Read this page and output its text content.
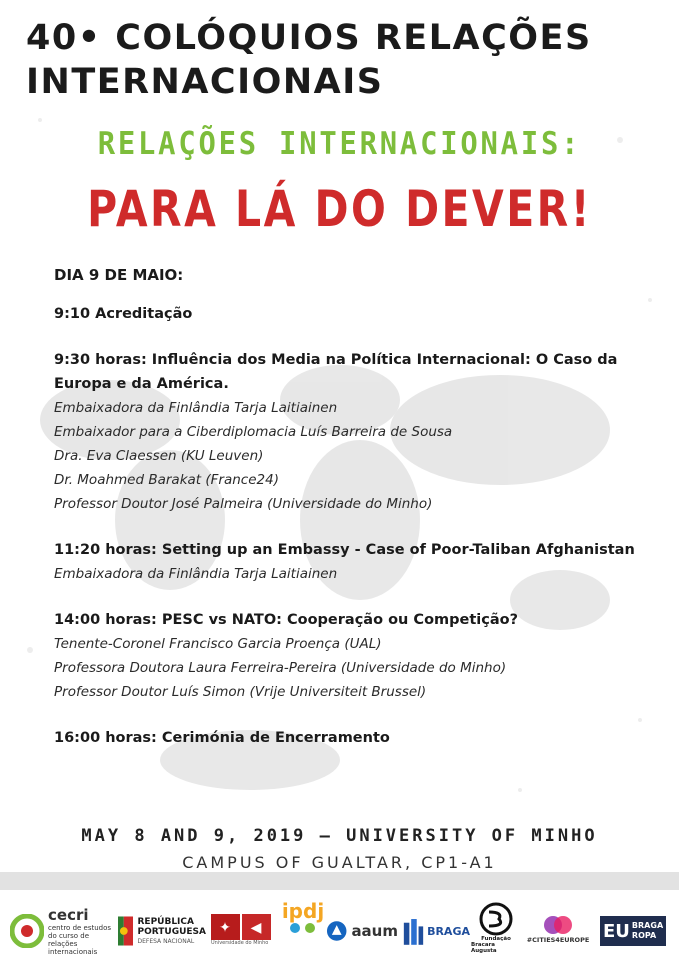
40• COLÓQUIOS RELAÇÕES
INTERNACIONAIS
RELAÇÕES INTERNACIONAIS:
PARA LÁ DO DEVER!
DIA 9 DE MAIO:
9:10 Acreditação
9:30 horas: Influência dos Media na Política Internacional: O Caso da Europa e da América.
Embaixadora da Finlândia Tarja Laitiainen
Embaixador para a Ciberdiplomacia Luís Barreira de Sousa
Dra. Eva Claessen (KU Leuven)
Dr. Moahmed Barakat (France24)
Professor Doutor José Palmeira (Universidade do Minho)
11:20 horas: Setting up an Embassy - Case of Poor-Taliban Afghanistan
Embaixadora da Finlândia Tarja Laitiainen
14:00 horas: PESC vs NATO: Cooperação ou Competição?
Tenente-Coronel Francisco Garcia Proença (UAL)
Professora Doutora Laura Ferreira-Pereira (Universidade do Minho)
Professor Doutor Luís Simon (Vrije Universiteit Brussel)
16:00 horas: Cerimónia de Encerramento
MAY 8 AND 9, 2019 — UNIVERSITY OF MINHO
CAMPUS OF GUALTAR, CP1-A1
cecri
centro de estudos do curso de relações internacionais
REPÚBLICA
PORTUGUESA
DEFESA NACIONAL
✦ ◀
Universidade do Minho
ipdj
aaum	BRAGA
Fundação
Bracara Augusta
#CITIES4EUROPE EU BRAGA
ROPA
